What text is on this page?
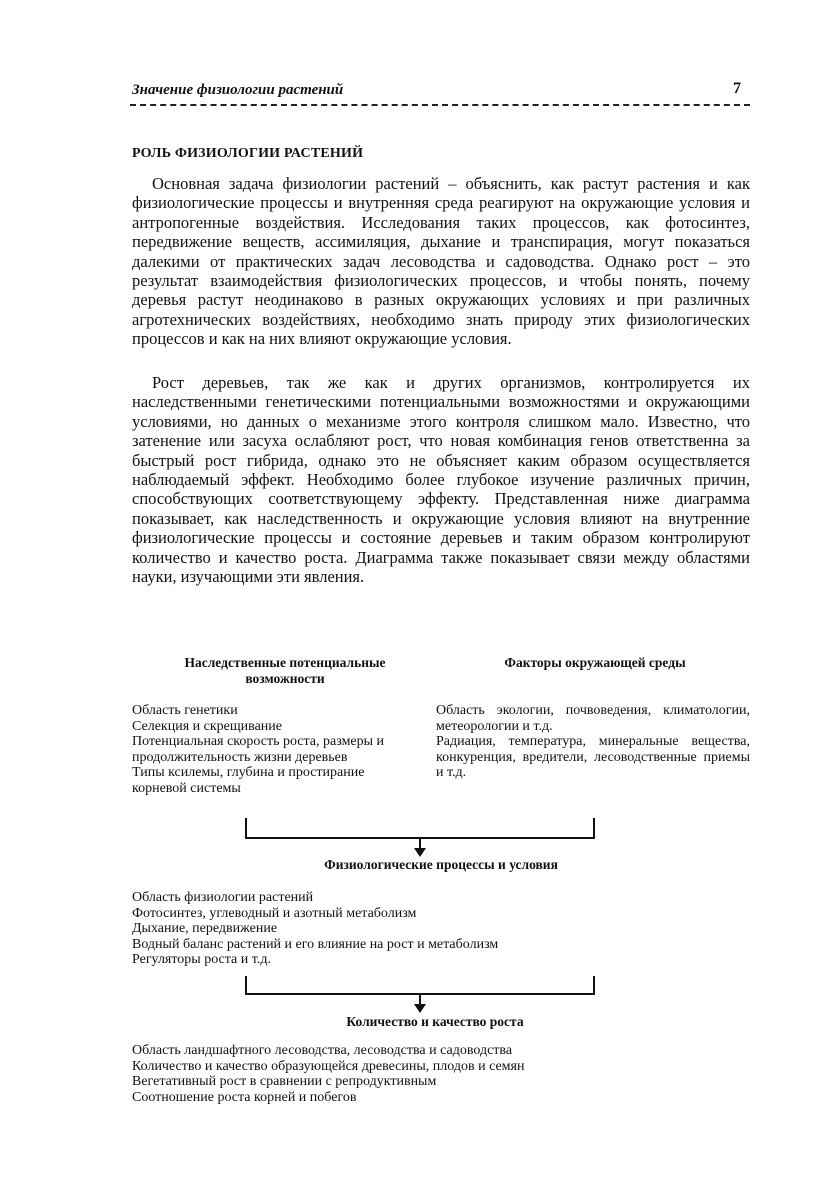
Значение физиологии растений	7
РОЛЬ ФИЗИОЛОГИИ РАСТЕНИЙ

Основная задача физиологии растений – объяснить, как растут растения и как физиологические процессы и внутренняя среда реагируют на окружающие условия и антропогенные воздействия. Исследования таких процессов, как фотосинтез, передвижение веществ, ассимиляция, дыхание и транспирация, могут показаться далекими от практических задач лесоводства и садоводства. Однако рост – это результат взаимодействия физиологических процессов, и чтобы понять, почему деревья растут неодинаково в разных окружающих условиях и при различных агротехнических воздействиях, необходимо знать природу этих физиологических процессов и как на них влияют окружающие условия.

Рост деревьев, так же как и других организмов, контролируется их наследственными генетическими потенциальными возможностями и окружающими условиями, но данных о механизме этого контроля слишком мало. Известно, что затенение или засуха ослабляют рост, что новая комбинация генов ответственна за быстрый рост гибрида, однако это не объясняет каким образом осуществляется наблюдаемый эффект. Необходимо более глубокое изучение различных причин, способствующих соответствующему эффекту. Представленная ниже диаграмма показывает, как наследственность и окружающие условия влияют на внутренние физиологические процессы и состояние деревьев и таким образом контролируют количество и качество роста. Диаграмма также показывает связи между областями науки, изучающими эти явления.

Наследственные потенциальные возможности
Факторы окружающей среды
Область генетики
Селекция и скрещивание
Потенциальная скорость роста, размеры и продолжительность жизни деревьев
Типы ксилемы, глубина и простирание корневой системы
Область экологии, почвоведения, климатологии, метеорологии и т.д.
Радиация, температура, минеральные вещества, конкуренция, вредители, лесоводственные приемы и т.д.
Физиологические процессы и условия
Область физиологии растений
Фотосинтез, углеводный и азотный метаболизм
Дыхание, передвижение
Водный баланс растений и его влияние на рост и метаболизм
Регуляторы роста и т.д.
Количество и качество роста
Область ландшафтного лесоводства, лесоводства и садоводства
Количество и качество образующейся древесины, плодов и семян
Вегетативный рост в сравнении с репродуктивным
Соотношение роста корней и побегов
